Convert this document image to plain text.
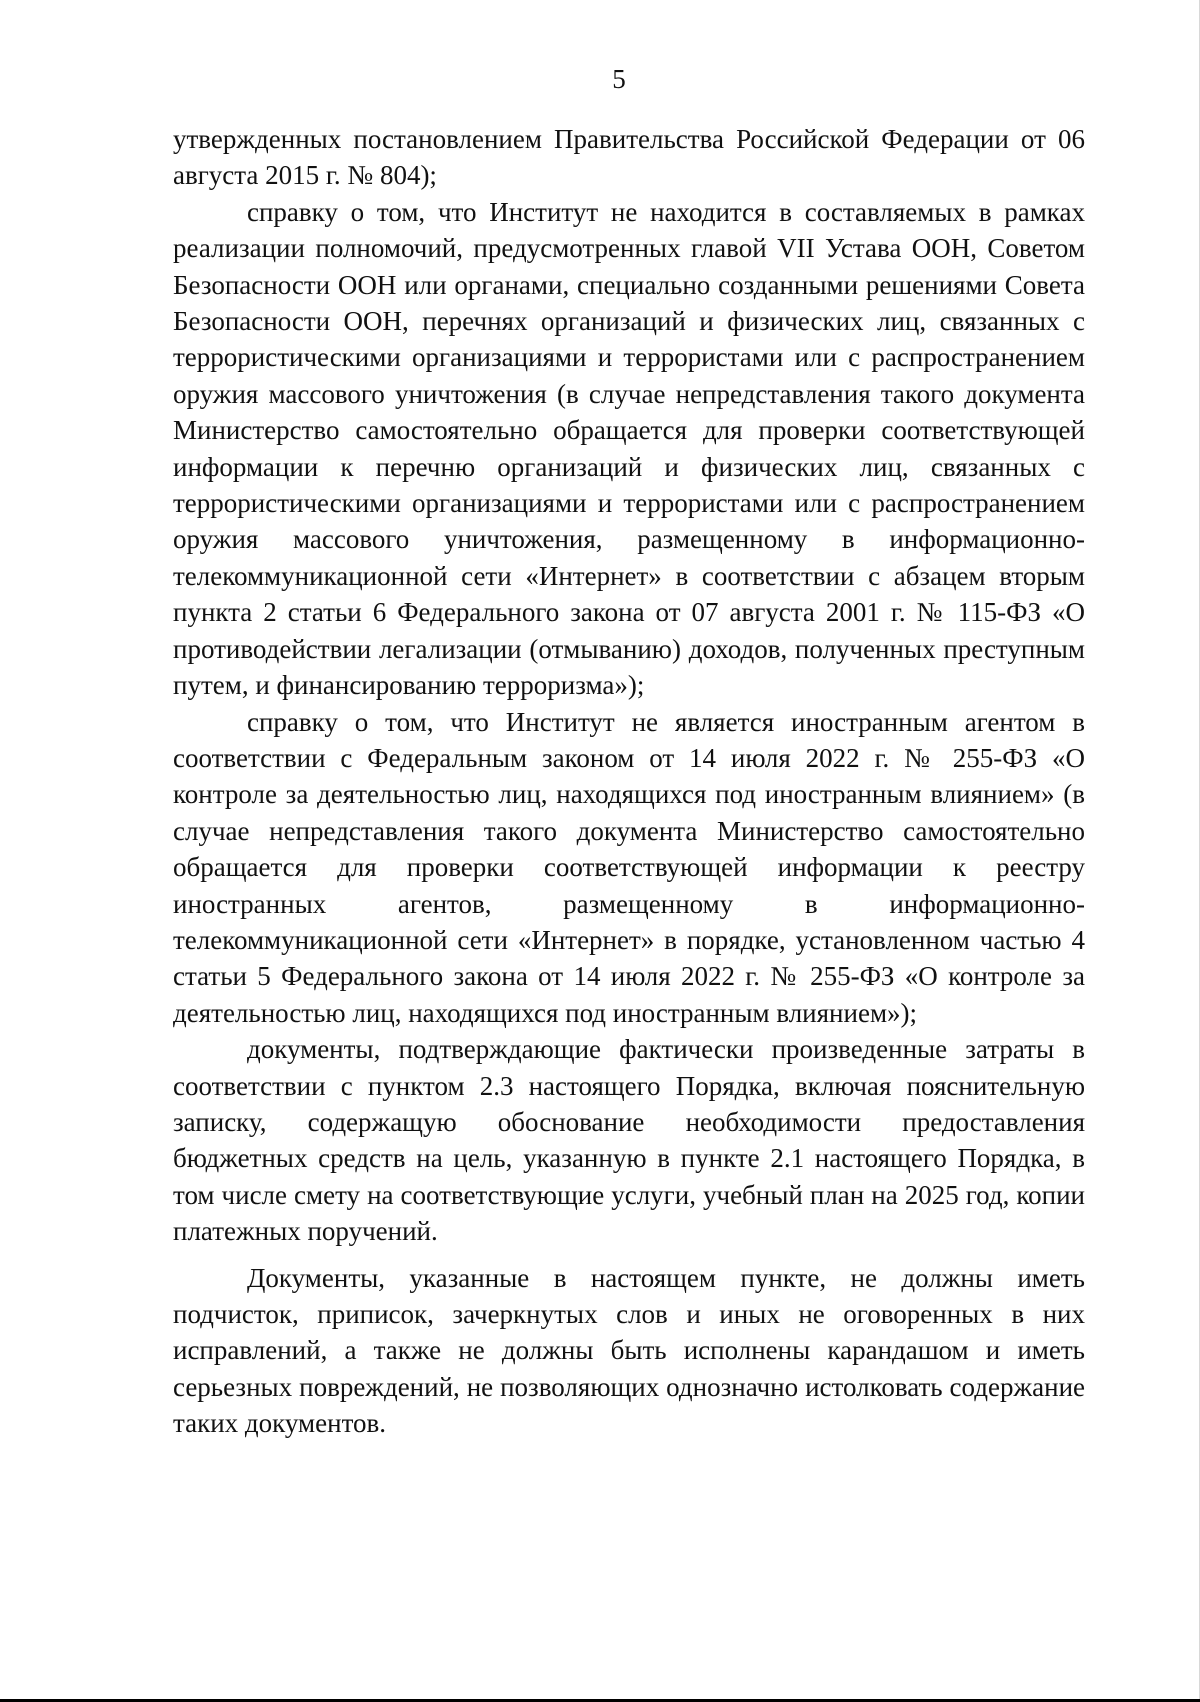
5

утвержденных постановлением Правительства Российской Федерации от 06 августа 2015 г. № 804);

справку о том, что Институт не находится в составляемых в рамках реализации полномочий, предусмотренных главой VII Устава ООН, Советом Безопасности ООН или органами, специально созданными решениями Совета Безопасности ООН, перечнях организаций и физических лиц, связанных с террористическими организациями и террористами или с распространением оружия массового уничтожения (в случае непредставления такого документа Министерство самостоятельно обращается для проверки соответствующей информации к перечню организаций и физических лиц, связанных с террористическими организациями и террористами или с распространением оружия массового уничтожения, размещенному в информационно-телекоммуникационной сети «Интернет» в соответствии с абзацем вторым пункта 2 статьи 6 Федерального закона от 07 августа 2001 г. № 115-ФЗ «О противодействии легализации (отмыванию) доходов, полученных преступным путем, и финансированию терроризма»);

справку о том, что Институт не является иностранным агентом в соответствии с Федеральным законом от 14 июля 2022 г. № 255-ФЗ «О контроле за деятельностью лиц, находящихся под иностранным влиянием» (в случае непредставления такого документа Министерство самостоятельно обращается для проверки соответствующей информации к реестру иностранных агентов, размещенному в информационно-телекоммуникационной сети «Интернет» в порядке, установленном частью 4 статьи 5 Федерального закона от 14 июля 2022 г. № 255-ФЗ «О контроле за деятельностью лиц, находящихся под иностранным влиянием»);

документы, подтверждающие фактически произведенные затраты в соответствии с пунктом 2.3 настоящего Порядка, включая пояснительную записку, содержащую обоснование необходимости предоставления бюджетных средств на цель, указанную в пункте 2.1 настоящего Порядка, в том числе смету на соответствующие услуги, учебный план на 2025 год, копии платежных поручений.

Документы, указанные в настоящем пункте, не должны иметь подчисток, приписок, зачеркнутых слов и иных не оговоренных в них исправлений, а также не должны быть исполнены карандашом и иметь серьезных повреждений, не позволяющих однозначно истолковать содержание таких документов.
